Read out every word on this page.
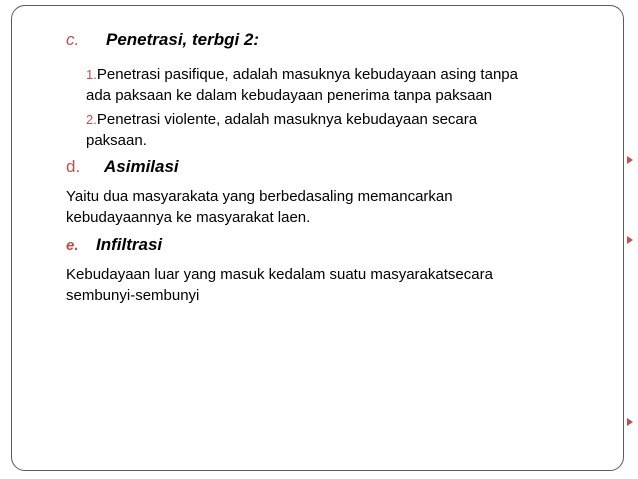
c. Penetrasi, terbgi 2:
1.Penetrasi pasifique, adalah masuknya kebudayaan asing tanpa
ada paksaan ke dalam kebudayaan penerima tanpa paksaan
2.Penetrasi violente, adalah masuknya kebudayaan secara
paksaan.
d. Asimilasi
Yaitu dua masyarakata yang berbedasaling memancarkan
kebudayaannya ke masyarakat laen.
e. Infiltrasi
Kebudayaan luar yang masuk kedalam suatu masyarakatsecara
sembunyi-sembunyi
